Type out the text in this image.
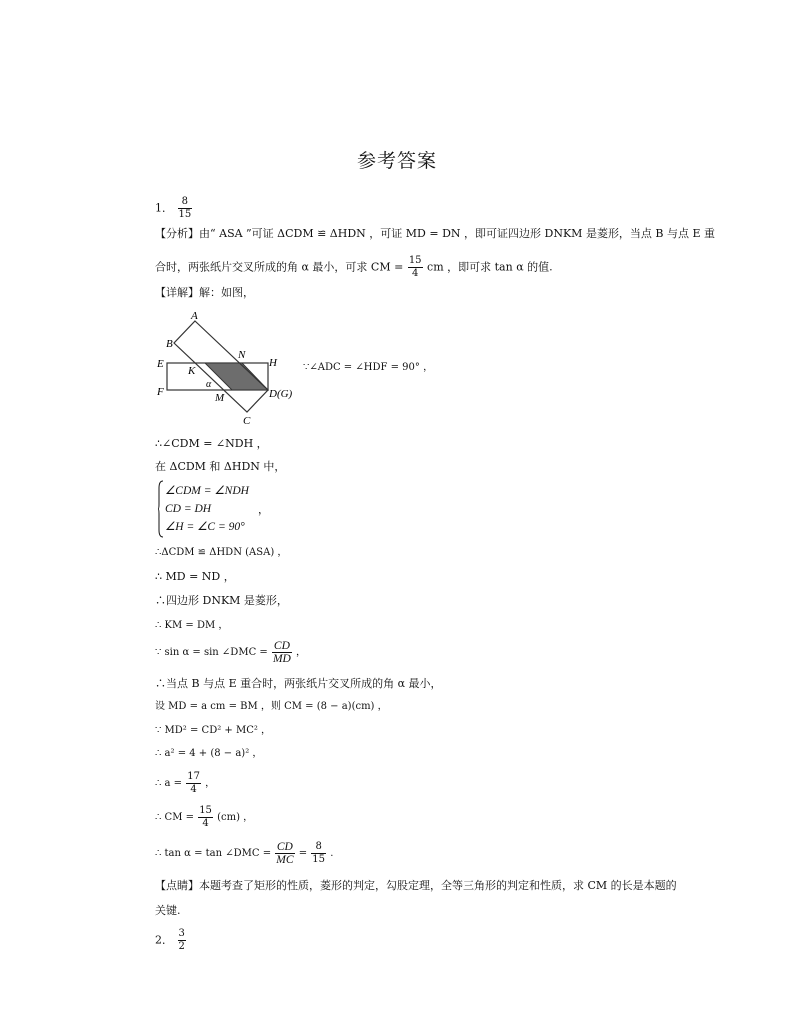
参考答案
1． $\frac{8}{15}$
【分析】由“ ASA ”可证 ΔCDM ≌ ΔHDN ，可证 MD = DN ，即可证四边形 DNKM 是菱形，当点 B 与点 E 重
合时，两张纸片交叉所成的角 α 最小，可求 CM = $\frac{15}{4}$ cm ，即可求 tan α 的值.
【详解】解：如图，
A
B
N
H
E
K
α
F	M	D(G)
C
∵∠ADC = ∠HDF = 90° ，
∴∠CDM = ∠NDH ，
在 ΔCDM 和 ΔHDN 中，
∠CDM = ∠NDH
CD = DH
∠H = ∠C = 90°
，
∴ΔCDM ≌ ΔHDN (ASA) ，
∴ MD = ND ，
∴四边形 DNKM 是菱形，
∴ KM = DM ，
∵ sin α = sin ∠DMC = $\frac{CD}{MD}$ ，
∴当点 B 与点 E 重合时，两张纸片交叉所成的角 α 最小，
设 MD = a cm = BM ，则 CM = (8 − a)(cm) ，
∵ MD² = CD² + MC² ，
∴ a² = 4 + (8 − a)² ，
∴ $a = \frac{17}{4}$ ，
∴ CM = $\frac{15}{4} (cm)$ ，
∴ tan α = tan ∠DMC = $\frac{CD}{MC} = \frac{8}{15}$ .
【点睛】本题考查了矩形的性质，菱形的判定，勾股定理，全等三角形的判定和性质，求 CM 的长是本题的
关键.
2． $\frac{3}{2}$
